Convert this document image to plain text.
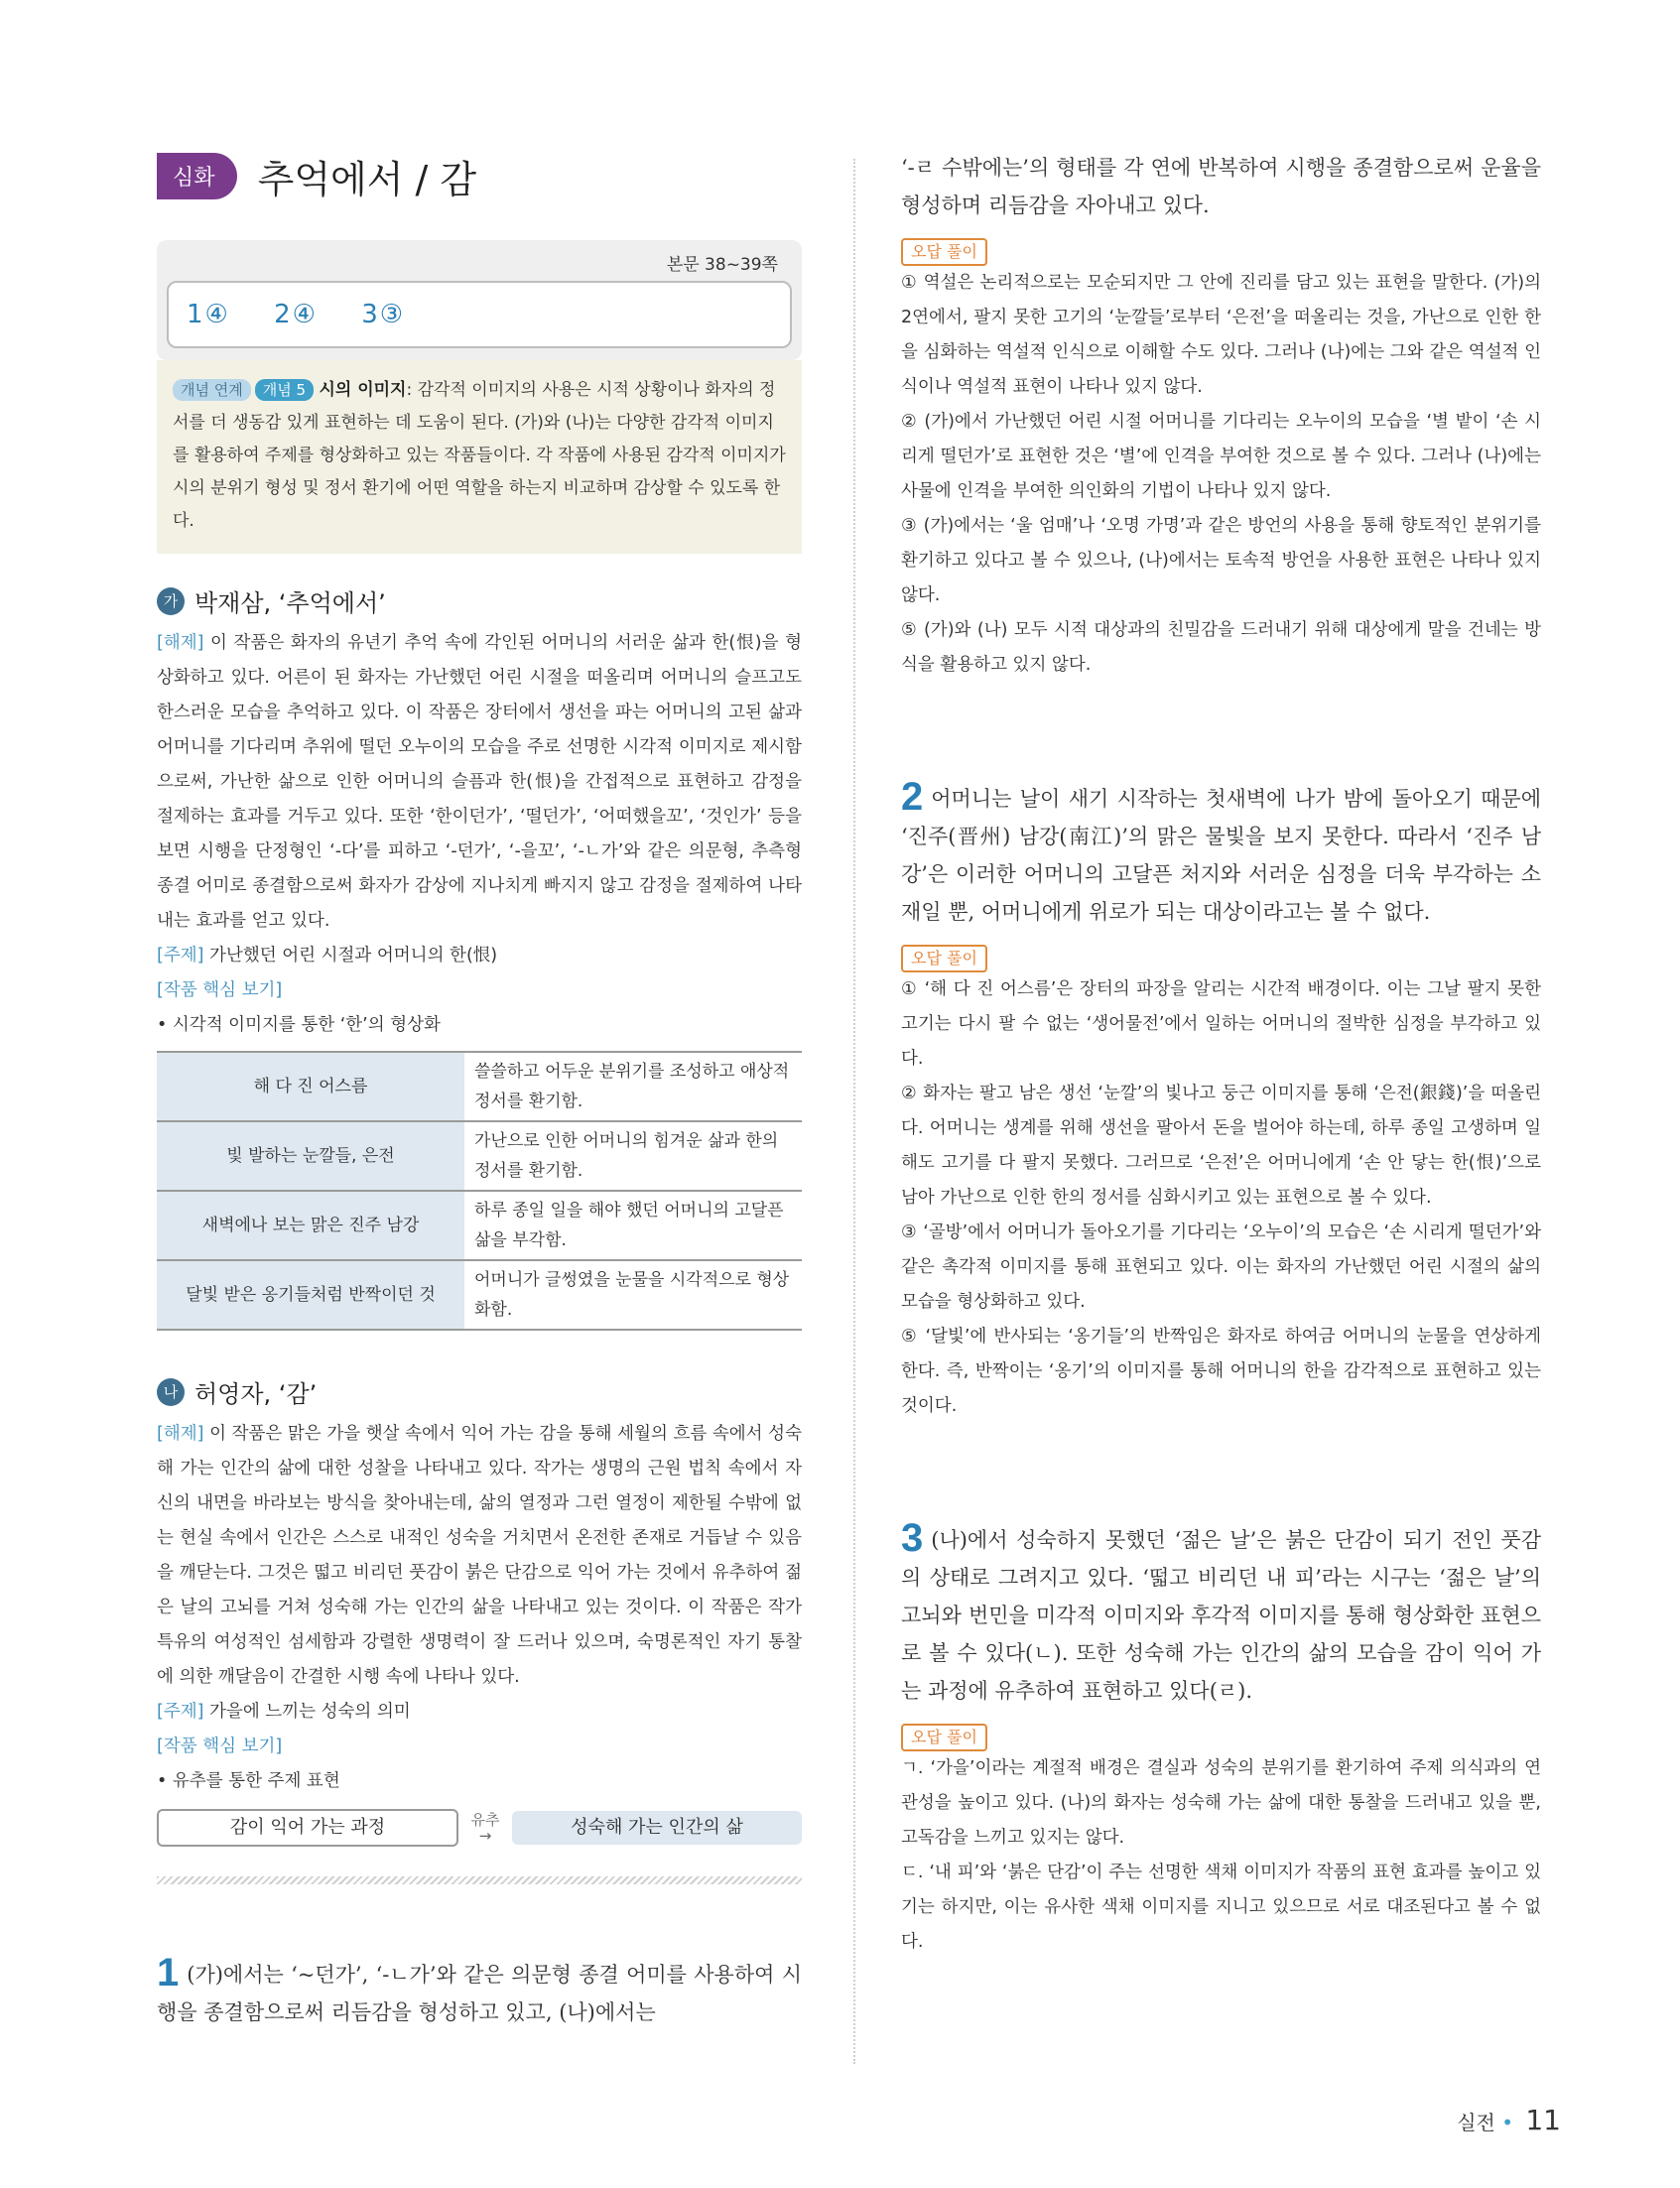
심화 추억에서 / 감
본문 38~39쪽
1④ 2④ 3③
개념 연계 개념 5 시의 이미지: 감각적 이미지의 사용은 시적 상황이나 화자의 정서를 더 생동감 있게 표현하는 데 도움이 된다. (가)와 (나)는 다양한 감각적 이미지를 활용하여 주제를 형상화하고 있는 작품들이다. 각 작품에 사용된 감각적 이미지가 시의 분위기 형성 및 정서 환기에 어떤 역할을 하는지 비교하며 감상할 수 있도록 한다.
가 박재삼, ‘추억에서’
[해제] 이 작품은 화자의 유년기 추억 속에 각인된 어머니의 서러운 삶과 한(恨)을 형상화하고 있다. 어른이 된 화자는 가난했던 어린 시절을 떠올리며 어머니의 슬프고도 한스러운 모습을 추억하고 있다. 이 작품은 장터에서 생선을 파는 어머니의 고된 삶과 어머니를 기다리며 추위에 떨던 오누이의 모습을 주로 선명한 시각적 이미지로 제시함으로써, 가난한 삶으로 인한 어머니의 슬픔과 한(恨)을 간접적으로 표현하고 감정을 절제하는 효과를 거두고 있다. 또한 ‘한이던가’, ‘떨던가’, ‘어떠했을꼬’, ‘것인가’ 등을 보면 시행을 단정형인 ‘-다’를 피하고 ‘-던가’, ‘-을꼬’, ‘-ㄴ가’와 같은 의문형, 추측형 종결 어미로 종결함으로써 화자가 감상에 지나치게 빠지지 않고 감정을 절제하여 나타내는 효과를 얻고 있다.
[주제] 가난했던 어린 시절과 어머니의 한(恨)
[작품 핵심 보기]
• 시각적 이미지를 통한 ‘한’의 형상화
해 다 진 어스름	쓸쓸하고 어두운 분위기를 조성하고 애상적 정서를 환기함.
빛 발하는 눈깔들, 은전	가난으로 인한 어머니의 힘겨운 삶과 한의 정서를 환기함.
새벽에나 보는 맑은 진주 남강	하루 종일 일을 해야 했던 어머니의 고달픈 삶을 부각함.
달빛 받은 옹기들처럼 반짝이던 것	어머니가 글썽였을 눈물을 시각적으로 형상화함.
나 허영자, ‘감’
[해제] 이 작품은 맑은 가을 햇살 속에서 익어 가는 감을 통해 세월의 흐름 속에서 성숙해 가는 인간의 삶에 대한 성찰을 나타내고 있다. 작가는 생명의 근원 법칙 속에서 자신의 내면을 바라보는 방식을 찾아내는데, 삶의 열정과 그런 열정이 제한될 수밖에 없는 현실 속에서 인간은 스스로 내적인 성숙을 거치면서 온전한 존재로 거듭날 수 있음을 깨닫는다. 그것은 떫고 비리던 풋감이 붉은 단감으로 익어 가는 것에서 유추하여 젊은 날의 고뇌를 거쳐 성숙해 가는 인간의 삶을 나타내고 있는 것이다. 이 작품은 작가 특유의 여성적인 섬세함과 강렬한 생명력이 잘 드러나 있으며, 숙명론적인 자기 통찰에 의한 깨달음이 간결한 시행 속에 나타나 있다.
[주제] 가을에 느끼는 성숙의 의미
[작품 핵심 보기]
• 유추를 통한 주제 표현
감이 익어 가는 과정	유추
→	성숙해 가는 인간의 삶
1 (가)에서는 ‘~던가’, ‘-ㄴ가’와 같은 의문형 종결 어미를 사용하여 시행을 종결함으로써 리듬감을 형성하고 있고, (나)에서는
‘-ㄹ 수밖에는’의 형태를 각 연에 반복하여 시행을 종결함으로써 운율을 형성하며 리듬감을 자아내고 있다.
오답 풀이
① 역설은 논리적으로는 모순되지만 그 안에 진리를 담고 있는 표현을 말한다. (가)의 2연에서, 팔지 못한 고기의 ‘눈깔들’로부터 ‘은전’을 떠올리는 것을, 가난으로 인한 한을 심화하는 역설적 인식으로 이해할 수도 있다. 그러나 (나)에는 그와 같은 역설적 인식이나 역설적 표현이 나타나 있지 않다.
② (가)에서 가난했던 어린 시절 어머니를 기다리는 오누이의 모습을 ‘별 밭이 ‘손 시리게 떨던가’로 표현한 것은 ‘별’에 인격을 부여한 것으로 볼 수 있다. 그러나 (나)에는 사물에 인격을 부여한 의인화의 기법이 나타나 있지 않다.
③ (가)에서는 ‘울 엄매’나 ‘오명 가명’과 같은 방언의 사용을 통해 향토적인 분위기를 환기하고 있다고 볼 수 있으나, (나)에서는 토속적 방언을 사용한 표현은 나타나 있지 않다.
⑤ (가)와 (나) 모두 시적 대상과의 친밀감을 드러내기 위해 대상에게 말을 건네는 방식을 활용하고 있지 않다.
2 어머니는 날이 새기 시작하는 첫새벽에 나가 밤에 돌아오기 때문에 ‘진주(晋州) 남강(南江)’의 맑은 물빛을 보지 못한다. 따라서 ‘진주 남강’은 이러한 어머니의 고달픈 처지와 서러운 심정을 더욱 부각하는 소재일 뿐, 어머니에게 위로가 되는 대상이라고는 볼 수 없다.
오답 풀이
① ‘해 다 진 어스름’은 장터의 파장을 알리는 시간적 배경이다. 이는 그날 팔지 못한 고기는 다시 팔 수 없는 ‘생어물전’에서 일하는 어머니의 절박한 심정을 부각하고 있다.
② 화자는 팔고 남은 생선 ‘눈깔’의 빛나고 둥근 이미지를 통해 ‘은전(銀錢)’을 떠올린다. 어머니는 생계를 위해 생선을 팔아서 돈을 벌어야 하는데, 하루 종일 고생하며 일해도 고기를 다 팔지 못했다. 그러므로 ‘은전’은 어머니에게 ‘손 안 닿는 한(恨)’으로 남아 가난으로 인한 한의 정서를 심화시키고 있는 표현으로 볼 수 있다.
③ ‘골방’에서 어머니가 돌아오기를 기다리는 ‘오누이’의 모습은 ‘손 시리게 떨던가’와 같은 촉각적 이미지를 통해 표현되고 있다. 이는 화자의 가난했던 어린 시절의 삶의 모습을 형상화하고 있다.
⑤ ‘달빛’에 반사되는 ‘옹기들’의 반짝임은 화자로 하여금 어머니의 눈물을 연상하게 한다. 즉, 반짝이는 ‘옹기’의 이미지를 통해 어머니의 한을 감각적으로 표현하고 있는 것이다.
3 (나)에서 성숙하지 못했던 ‘젊은 날’은 붉은 단감이 되기 전인 풋감의 상태로 그려지고 있다. ‘떫고 비리던 내 피’라는 시구는 ‘젊은 날’의 고뇌와 번민을 미각적 이미지와 후각적 이미지를 통해 형상화한 표현으로 볼 수 있다(ㄴ). 또한 성숙해 가는 인간의 삶의 모습을 감이 익어 가는 과정에 유추하여 표현하고 있다(ㄹ).
오답 풀이
ㄱ. ‘가을’이라는 계절적 배경은 결실과 성숙의 분위기를 환기하여 주제 의식과의 연관성을 높이고 있다. (나)의 화자는 성숙해 가는 삶에 대한 통찰을 드러내고 있을 뿐, 고독감을 느끼고 있지는 않다.
ㄷ. ‘내 피’와 ‘붉은 단감’이 주는 선명한 색채 이미지가 작품의 표현 효과를 높이고 있기는 하지만, 이는 유사한 색채 이미지를 지니고 있으므로 서로 대조된다고 볼 수 없다.
실전 • 11
